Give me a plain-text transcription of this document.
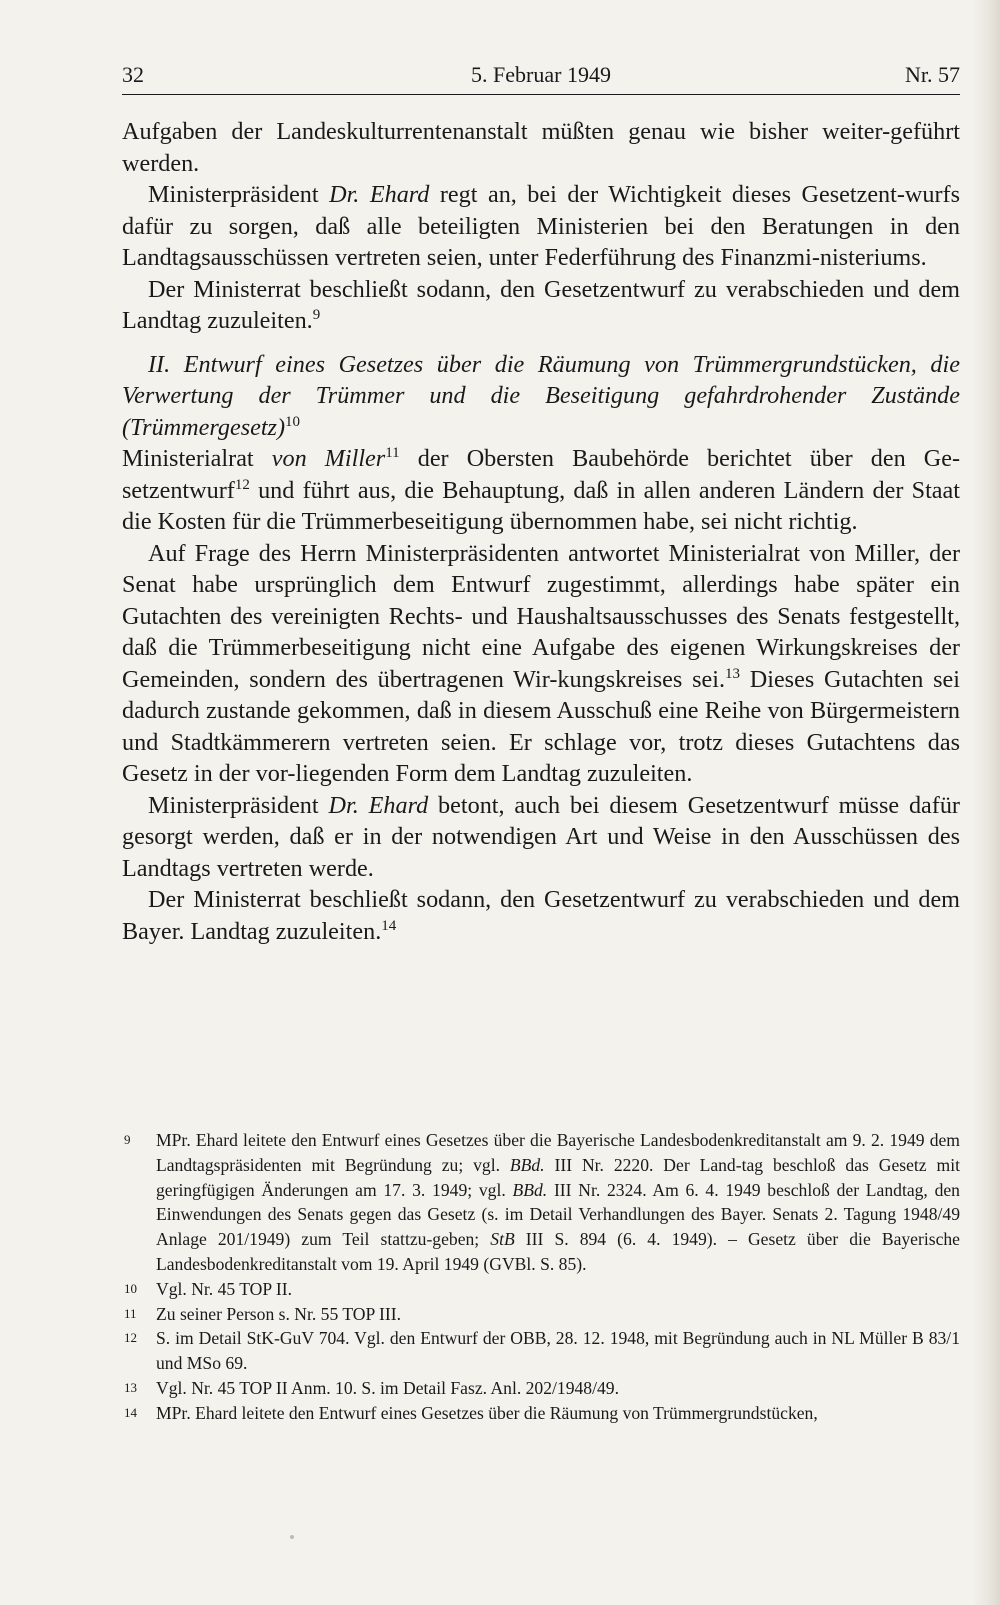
32	5. Februar 1949	Nr. 57

Aufgaben der Landeskulturrentenanstalt müßten genau wie bisher weiter-geführt werden.

Ministerpräsident Dr. Ehard regt an, bei der Wichtigkeit dieses Gesetzent-wurfs dafür zu sorgen, daß alle beteiligten Ministerien bei den Beratungen in den Landtagsausschüssen vertreten seien, unter Federführung des Finanzmi-nisteriums.

Der Ministerrat beschließt sodann, den Gesetzentwurf zu verabschieden und dem Landtag zuzuleiten.$^9$

II. Entwurf eines Gesetzes über die Räumung von Trümmergrundstücken, die Verwertung der Trümmer und die Beseitigung gefahrdrohender Zustände (Trümmergesetz)$^{10}$

Ministerialrat von Miller$^{11}$ der Obersten Baubehörde berichtet über den Ge-setzentwurf$^{12}$ und führt aus, die Behauptung, daß in allen anderen Ländern der Staat die Kosten für die Trümmerbeseitigung übernommen habe, sei nicht richtig.

Auf Frage des Herrn Ministerpräsidenten antwortet Ministerialrat von Miller, der Senat habe ursprünglich dem Entwurf zugestimmt, allerdings habe später ein Gutachten des vereinigten Rechts- und Haushaltsausschusses des Senats festgestellt, daß die Trümmerbeseitigung nicht eine Aufgabe des eigenen Wirkungskreises der Gemeinden, sondern des übertragenen Wir-kungskreises sei.$^{13}$ Dieses Gutachten sei dadurch zustande gekommen, daß in diesem Ausschuß eine Reihe von Bürgermeistern und Stadtkämmerern vertreten seien. Er schlage vor, trotz dieses Gutachtens das Gesetz in der vor-liegenden Form dem Landtag zuzuleiten.

Ministerpräsident Dr. Ehard betont, auch bei diesem Gesetzentwurf müsse dafür gesorgt werden, daß er in der notwendigen Art und Weise in den Ausschüssen des Landtags vertreten werde.

Der Ministerrat beschließt sodann, den Gesetzentwurf zu verabschieden und dem Bayer. Landtag zuzuleiten.$^{14}$

9 MPr. Ehard leitete den Entwurf eines Gesetzes über die Bayerische Landesbodenkreditanstalt am 9. 2. 1949 dem Landtagspräsidenten mit Begründung zu; vgl. BBd. III Nr. 2220. Der Land-tag beschloß das Gesetz mit geringfügigen Änderungen am 17. 3. 1949; vgl. BBd. III Nr. 2324. Am 6. 4. 1949 beschloß der Landtag, den Einwendungen des Senats gegen das Gesetz (s. im Detail Verhandlungen des Bayer. Senats 2. Tagung 1948/49 Anlage 201/1949) zum Teil stattzu-geben; StB III S. 894 (6. 4. 1949). – Gesetz über die Bayerische Landesbodenkreditanstalt vom 19. April 1949 (GVBl. S. 85).
10 Vgl. Nr. 45 TOP II.
11 Zu seiner Person s. Nr. 55 TOP III.
12 S. im Detail StK-GuV 704. Vgl. den Entwurf der OBB, 28. 12. 1948, mit Begründung auch in NL Müller B 83/1 und MSo 69.
13 Vgl. Nr. 45 TOP II Anm. 10. S. im Detail Fasz. Anl. 202/1948/49.
14 MPr. Ehard leitete den Entwurf eines Gesetzes über die Räumung von Trümmergrundstücken,
